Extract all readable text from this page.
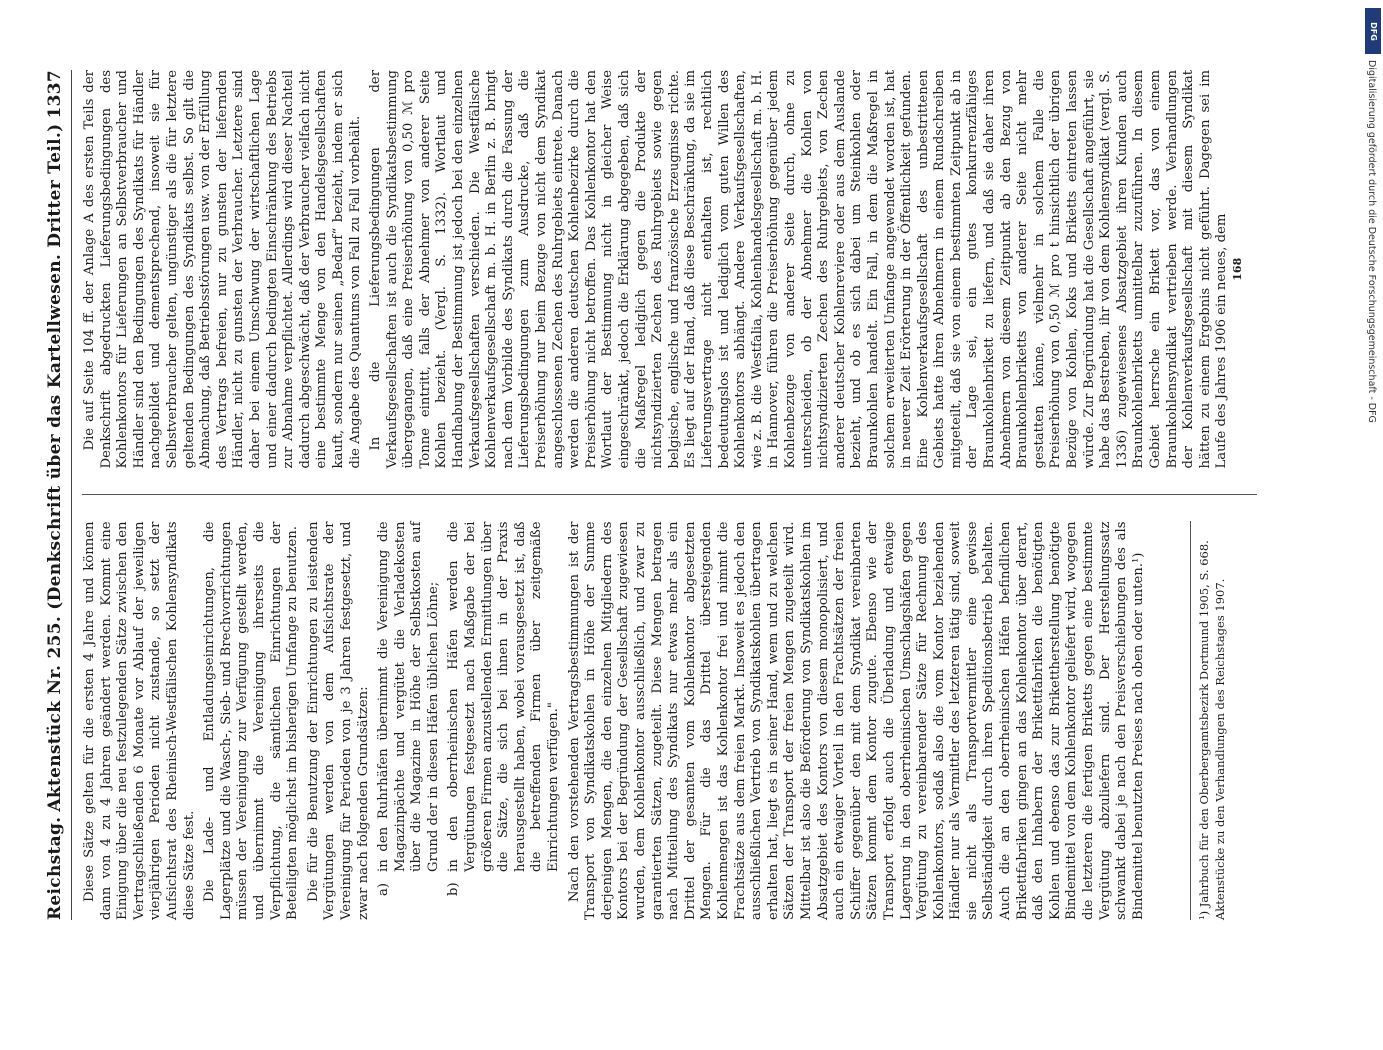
Reichstag.
Aktenstück Nr. 255. (Denkschrift über das Kartellwesen. Dritter Teil.)
1337

Diese Sätze gelten für die ersten 4 Jahre und können dann von 4 zu 4 Jahren geändert werden. Kommt eine Einigung über die neu festzulegenden Sätze zwischen den Vertragschließenden 6 Monate vor Ablauf der jeweiligen vierjährigen Perioden nicht zustande, so setzt der Aufsichtsrat des Rheinisch-Westfälischen Kohlensyndikats diese Sätze fest. Die Lade- und Entladungseinrichtungen, die Lagerplätze und die Wasch-, Sieb- und Brechvorrichtungen müssen der Vereinigung zur Verfügung gestellt werden, und übernimmt die Vereinigung ihrerseits die Verpflichtung, die sämtlichen Einrichtungen der Beteiligten möglichst im bisherigen Umfange zu benutzen. Die für die Benutzung der Einrichtungen zu leistenden Vergütungen werden von dem Aufsichtsrate der Vereinigung für Perioden von je 3 Jahren festgesetzt, und zwar nach folgenden Grundsätzen: a)
in den Ruhrhäfen übernimmt die Vereinigung die Magazinpächte und vergütet die Verladekosten über die Magazine in Höhe der Selbstkosten auf Grund der in diesen Häfen üblichen Löhne;
b)
in den oberrheinischen Häfen werden die Vergütungen festgesetzt nach Maßgabe der bei größeren Firmen anzustellenden Ermittlungen über die Sätze, die sich bei ihnen in der Praxis herausgestellt haben, wobei vorausgesetzt ist, daß die betreffenden Firmen über zeitgemäße Einrichtungen verfügen." Nach den vorstehenden Vertragsbestimmungen ist der Transport von Syndikatskohlen in Höhe der Summe derjenigen Mengen, die den einzelnen Mitgliedern des Kontors bei der Begründung der Gesellschaft zugewiesen wurden, dem Kohlenkontor ausschließlich, und zwar zu garantierten Sätzen, zugeteilt. Diese Mengen betragen nach Mitteilung des Syndikats nur etwas mehr als ein Drittel der gesamten vom Kohlenkontor abgesetzten Mengen. Für die das Drittel übersteigenden Kohlenmengen ist das Kohlenkontor frei und nimmt die Frachtsätze aus dem freien Markt. Insoweit es jedoch den ausschließlichen Vertrieb von Syndikatskohlen übertragen erhalten hat, liegt es in seiner Hand, wem und zu welchen Sätzen der Transport der freien Mengen zugeteilt wird. Mittelbar ist also die Beförderung von Syndikatskohlen im Absatzgebiet des Kontors von diesem monopolisiert, und auch ein etwaiger Vorteil in den Frachtsätzen der freien Schiffer gegenüber den mit dem Syndikat vereinbarten Sätzen kommt dem Kontor zugute. Ebenso wie der Transport erfolgt auch die Überladung und etwaige Lagerung in den oberrheinischen Umschlagshäfen gegen Vergütung zu vereinbarender Sätze für Rechnung des Kohlenkontors, sodaß also die vom Kontor beziehenden Händler nur als Vermittler des letzteren tätig sind, soweit sie nicht als Transportvermittler eine gewisse Selbständigkeit durch ihren Speditionsbetrieb behalten. Auch die an den oberrheinischen Häfen befindlichen Brikettfabriken gingen an das Kohlenkontor über derart, daß den Inhabern der Brikettfabriken die benötigten Kohlen und ebenso das zur Brikettherstellung benötigte Bindemittel von dem Kohlenkontor geliefert wird, wogegen die letzteren die fertigen Briketts gegen eine bestimmte Vergütung abzuliefern sind. Der Herstellungssatz schwankt dabei je nach den Preisverschiebungen des als Bindemittel benutzten Preises nach oben oder unten.¹)	¹) Jahrbuch für den Oberbergamtsbezirk Dortmund 1905, S. 668. Aktenstücke zu den Verhandlungen des Reichstages 1907.

Die auf Seite 104 ff. der Anlage A des ersten Teils der Denkschrift abgedruckten Lieferungsbedingungen des Kohlenkontors für Lieferungen an Selbstverbraucher und Händler sind den Bedingungen des Syndikats für Händler nachgebildet und dementsprechend, insoweit sie für Selbstverbraucher gelten, ungünstiger als die für letztere geltenden Bedingungen des Syndikats selbst. So gilt die Abmachung, daß Betriebsstörungen usw. von der Erfüllung des Vertrags befreien, nur zu gunsten der liefernden Händler, nicht zu gunsten der Verbraucher. Letztere sind daher bei einem Umschwung der wirtschaftlichen Lage und einer dadurch bedingten Einschränkung des Betriebs zur Abnahme verpflichtet. Allerdings wird dieser Nachteil dadurch abgeschwächt, daß der Verbraucher vielfach nicht eine bestimmte Menge von den Handelsgesellschaften kauft, sondern nur seinen „Bedarf“ bezieht, indem er sich die Angabe des Quantums von Fall zu Fall vorbehält. In die Lieferungsbedingungen der Verkaufsgesellschaften ist auch die Syndikatsbestimmung übergegangen, daß eine Preiserhöhung von 0,50 ℳ pro Tonne eintritt, falls der Abnehmer von anderer Seite Kohlen bezieht. (Vergl. S. 1332). Wortlaut und Handhabung der Bestimmung ist jedoch bei den einzelnen Verkaufsgesellschaften verschieden. Die Westfälische Kohlenverkaufsgesellschaft m. b. H. in Berlin z. B. bringt nach dem Vorbilde des Syndikats durch die Fassung der Lieferungsbedingungen zum Ausdrucke, daß die Preiserhöhung nur beim Bezuge von nicht dem Syndikat angeschlossenen Zechen des Ruhrgebiets eintrete. Danach werden die anderen deutschen Kohlenbezirke durch die Preiserhöhung nicht betroffen. Das Kohlenkontor hat den Wortlaut der Bestimmung nicht in gleicher Weise eingeschränkt, jedoch die Erklärung abgegeben, daß sich die Maßregel lediglich gegen die Produkte der nichtsyndizierten Zechen des Ruhrgebiets sowie gegen belgische, englische und französische Erzeugnisse richte. Es liegt auf der Hand, daß diese Beschränkung, da sie im Lieferungsvertrage nicht enthalten ist, rechtlich bedeutungslos ist und lediglich vom guten Willen des Kohlenkontors abhängt. Andere Verkaufsgesellschaften, wie z. B. die Westfalia, Kohlenhandelsgesellschaft m. b. H. in Hannover, führen die Preiserhöhung gegenüber jedem Kohlenbezuge von anderer Seite durch, ohne zu unterscheiden, ob der Abnehmer die Kohlen von nichtsyndizierten Zechen des Ruhrgebiets, von Zechen anderer deutscher Kohlenreviere oder aus dem Auslande bezieht, und ob es sich dabei um Steinkohlen oder Braunkohlen handelt. Ein Fall, in dem die Maßregel in solchem erweiterten Umfange angewendet worden ist, hat in neuerer Zeit Erörterung in der Öffentlichkeit gefunden. Eine Kohlenverkaufsgesellschaft des unbestrittenen Gebiets hatte ihren Abnehmern in einem Rundschreiben mitgeteilt, daß sie von einem bestimmten Zeitpunkt ab in der Lage sei, ein gutes konkurrenzfähiges Braunkohlenbrikett zu liefern, und daß sie daher ihren Abnehmern von diesem Zeitpunkt ab den Bezug von Braunkohlenbriketts von anderer Seite nicht mehr gestatten könne, vielmehr in solchem Falle die Preiserhöhung von 0,50 ℳ pro t hinsichtlich der übrigen Bezüge von Kohlen, Koks und Briketts eintreten lassen würde. Zur Begründung hat die Gesellschaft angeführt, sie habe das Bestreben, ihr von dem Kohlensyndikat (vergl. S. 1336) zugewiesenes Absatzgebiet ihren Kunden auch Braunkohlenbriketts umnittelbar zuzuführen. In diesem Gebiet herrsche ein Brikett vor, das von einem Braunkohlensyndikat vertrieben werde. Verhandlungen der Kohlenverkaufsgesellschaft mit diesem Syndikat hätten zu einem Ergebnis nicht geführt. Dagegen sei im Laufe des Jahres 1906 ein neues, dem 168
DFG
Digitalisierung gefördert durch die Deutsche Forschungsgemeinschaft - DFG
